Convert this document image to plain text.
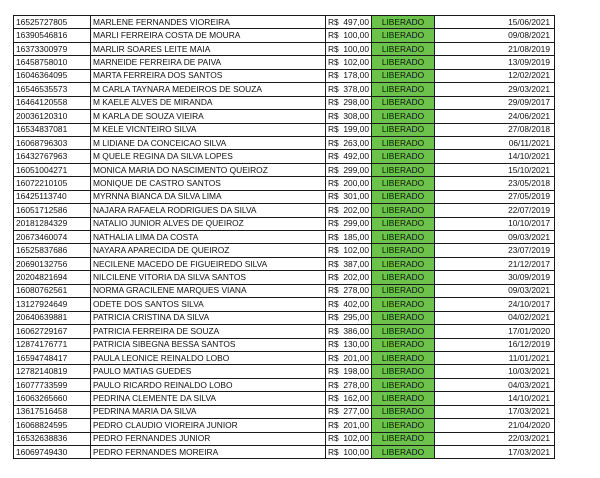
16525727805	MARLENE FERNANDES VIOREIRA	R$	497,00	LIBERADO	15/06/2021
16390546816	MARLI FERREIRA COSTA DE MOURA	R$	100,00	LIBERADO	09/08/2021
16373300979	MARLIR SOARES LEITE MAIA	R$	100,00	LIBERADO	21/08/2019
16458758010	MARNEIDE FERREIRA DE PAIVA	R$	102,00	LIBERADO	13/09/2019
16046364095	MARTA FERREIRA DOS SANTOS	R$	178,00	LIBERADO	12/02/2021
16546535573	M CARLA TAYNARA MEDEIROS DE SOUZA	R$	378,00	LIBERADO	29/03/2021
16464120558	M KAELE ALVES DE MIRANDA	R$	298,00	LIBERADO	29/09/2017
20036120310	M KARLA DE SOUZA VIEIRA	R$	308,00	LIBERADO	24/06/2021
16534837081	M KELE VICNTEIRO SILVA	R$	199,00	LIBERADO	27/08/2018
16068796303	M LIDIANE DA CONCEICAO SILVA	R$	263,00	LIBERADO	06/11/2021
16432767963	M QUELE REGINA DA SILVA LOPES	R$	492,00	LIBERADO	14/10/2021
16051004271	MONICA MARIA DO NASCIMENTO QUEIROZ	R$	299,00	LIBERADO	15/10/2021
16072210105	MONIQUE DE CASTRO SANTOS	R$	200,00	LIBERADO	23/05/2018
16425113740	MYRNNA BIANCA DA SILVA LIMA	R$	301,00	LIBERADO	27/05/2019
16051712586	NAJARA RAFAELA RODRIGUES DA SILVA	R$	202,00	LIBERADO	22/07/2019
20181284329	NATALIO JUNIOR ALVES DE QUEIROZ	R$	299,00	LIBERADO	10/10/2017
20673460074	NATHALIA LIMA DA COSTA	R$	185,00	LIBERADO	09/03/2021
16525837686	NAYARA APARECIDA DE QUEIROZ	R$	102,00	LIBERADO	23/07/2019
20690132756	NECILENE MACEDO DE FIGUEIREDO SILVA	R$	387,00	LIBERADO	21/12/2017
20204821694	NILCILENE VITORIA DA SILVA SANTOS	R$	202,00	LIBERADO	30/09/2019
16080762561	NORMA GRACILENE MARQUES VIANA	R$	278,00	LIBERADO	09/03/2021
13127924649	ODETE DOS SANTOS SILVA	R$	402,00	LIBERADO	24/10/2017
20640639881	PATRICIA CRISTINA DA SILVA	R$	295,00	LIBERADO	04/02/2021
16062729167	PATRICIA FERREIRA DE SOUZA	R$	386,00	LIBERADO	17/01/2020
12874176771	PATRICIA SIBEGNA BESSA SANTOS	R$	130,00	LIBERADO	16/12/2019
16594748417	PAULA LEONICE REINALDO LOBO	R$	201,00	LIBERADO	11/01/2021
12782140819	PAULO MATIAS GUEDES	R$	198,00	LIBERADO	10/03/2021
16077733599	PAULO RICARDO REINALDO LOBO	R$	278,00	LIBERADO	04/03/2021
16063265660	PEDRINA CLEMENTE DA SILVA	R$	162,00	LIBERADO	14/10/2021
13617516458	PEDRINA MARIA DA SILVA	R$	277,00	LIBERADO	17/03/2021
16068824595	PEDRO CLAUDIO VIOREIRA JUNIOR	R$	201,00	LIBERADO	21/04/2020
16532638836	PEDRO FERNANDES JUNIOR	R$	102,00	LIBERADO	22/03/2021
16069749430	PEDRO FERNANDES MOREIRA	R$	100,00	LIBERADO	17/03/2021
